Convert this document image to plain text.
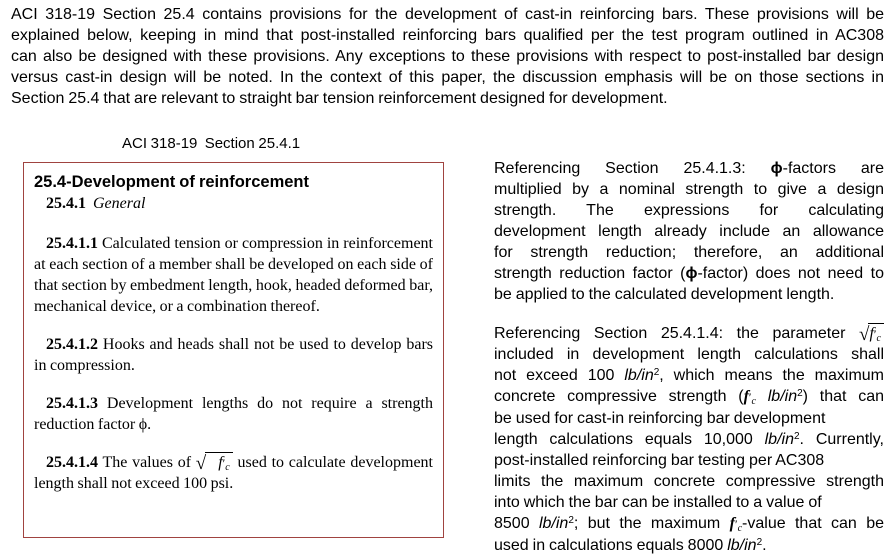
ACI 318-19 Section 25.4 contains provisions for the development of cast-in reinforcing bars. These provisions will be
explained below, keeping in mind that post-installed reinforcing bars qualified per the test program outlined in AC308
can also be designed with these provisions. Any exceptions to these provisions with respect to post-installed bar design
versus cast-in design will be noted. In the context of this paper, the discussion emphasis will be on those sections in
Section 25.4 that are relevant to straight bar tension reinforcement designed for development.
ACI 318-19  Section 25.4.1
25.4-Development of reinforcement
25.4.1 General
25.4.1.1 Calculated tension or compression in reinforcement
at each section of a member shall be developed on each side of
that section by embedment length, hook, headed deformed bar,
mechanical device, or a combination thereof.
25.4.1.2 Hooks and heads shall not be used to develop bars
in compression.
25.4.1.3 Development lengths do not require a strength
reduction factor ϕ.
25.4.1.4 The values of √ $f'_c$ used to calculate development
length shall not exceed 100 psi.
Referencing Section 25.4.1.3: ϕ-factors are
multiplied by a nominal strength to give a design
strength. The expressions for calculating
development length already include an allowance
for strength reduction; therefore, an additional
strength reduction factor (ϕ-factor) does not need to
be applied to the calculated development length.
Referencing Section 25.4.1.4: the parameter $√f'_c$
included in development length calculations shall
not exceed 100 $lb/in^2$, which means the maximum
concrete compressive strength ($f'_c$ $lb/in^2$) that can
be used for cast-in reinforcing bar development
length calculations equals 10,000 $lb/in^2$. Currently,
post-installed reinforcing bar testing per AC308
limits the maximum concrete compressive strength
into which the bar can be installed to a value of
8500 $lb/in^2$; but the maximum $f'_c$-value that can be
used in calculations equals 8000 $lb/in^2$.
